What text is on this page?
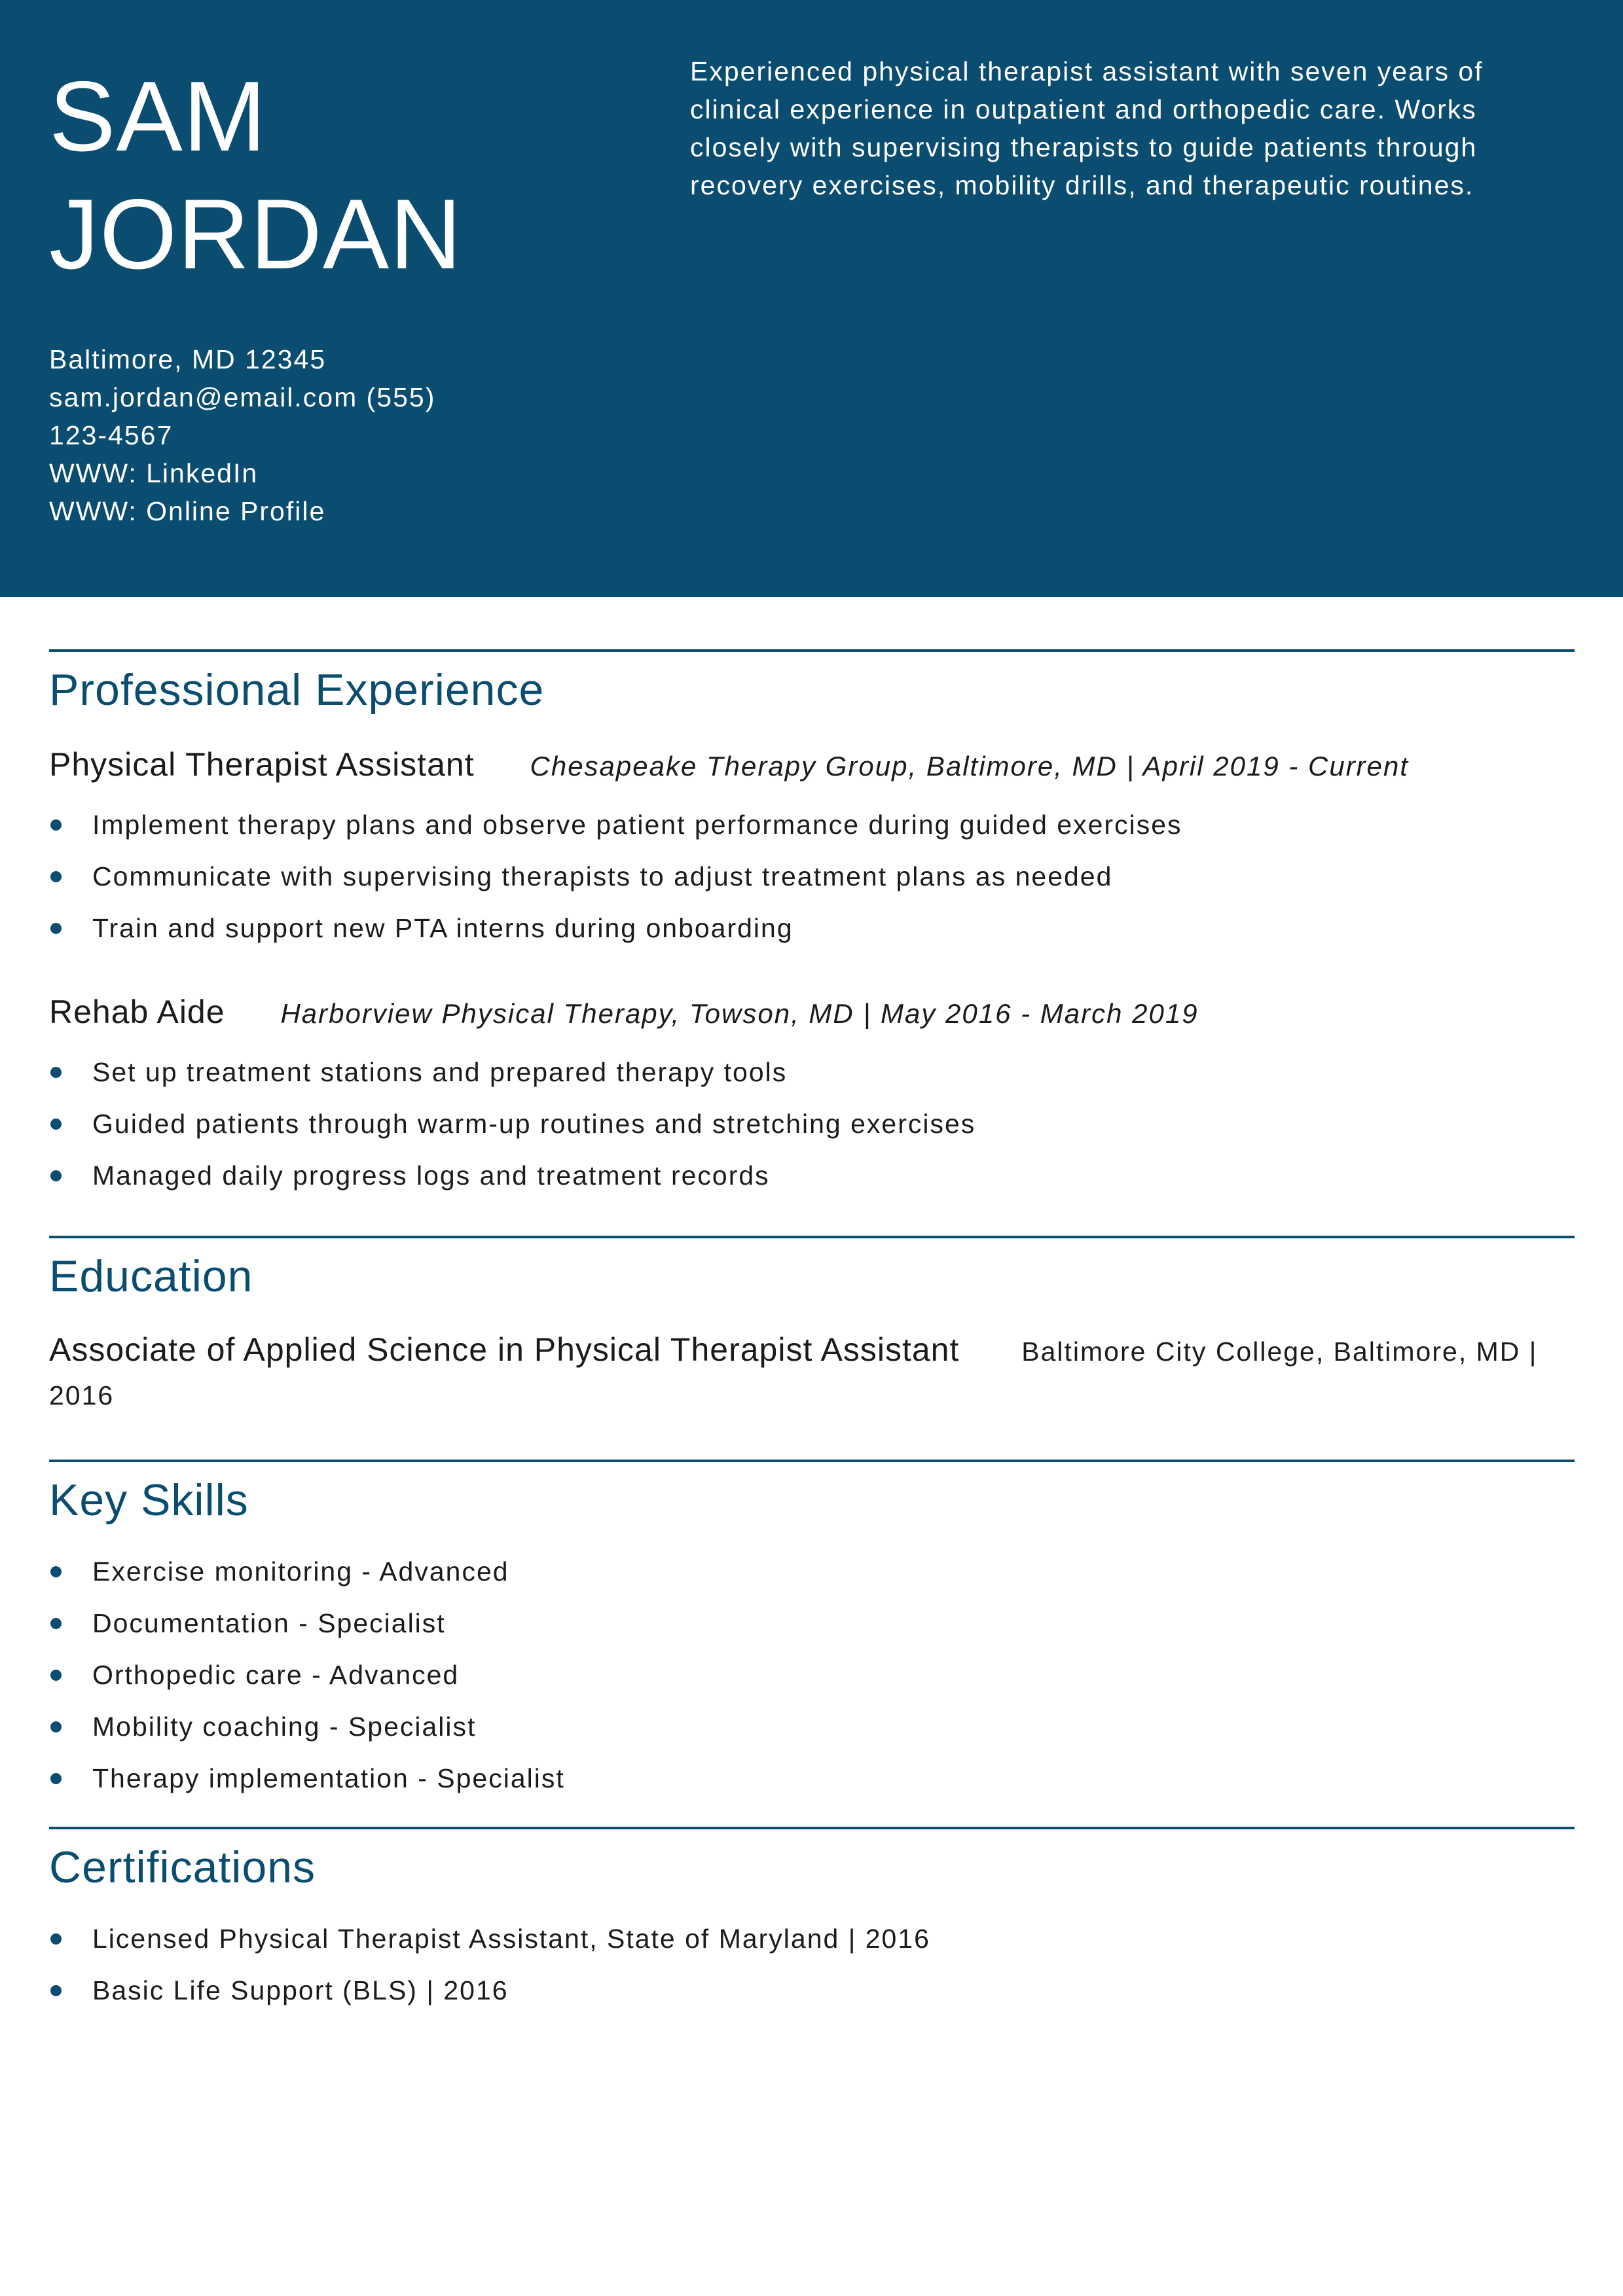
SAM
JORDAN
Baltimore, MD 12345
sam.jordan@email.com (555) 123-4567
WWW: LinkedIn
WWW: Online Profile
Experienced physical therapist assistant with seven years of clinical experience in outpatient and orthopedic care. Works closely with supervising therapists to guide patients through recovery exercises, mobility drills, and therapeutic routines.
Professional Experience
Physical Therapist Assistant Chesapeake Therapy Group, Baltimore, MD | April 2019 - Current
Implement therapy plans and observe patient performance during guided exercises
Communicate with supervising therapists to adjust treatment plans as needed
Train and support new PTA interns during onboarding
Rehab Aide Harborview Physical Therapy, Towson, MD | May 2016 - March 2019
Set up treatment stations and prepared therapy tools
Guided patients through warm-up routines and stretching exercises
Managed daily progress logs and treatment records
Education
Associate of Applied Science in Physical Therapist Assistant Baltimore City College, Baltimore, MD | 2016
Key Skills
Exercise monitoring - Advanced
Documentation - Specialist
Orthopedic care - Advanced
Mobility coaching - Specialist
Therapy implementation - Specialist
Certifications
Licensed Physical Therapist Assistant, State of Maryland | 2016
Basic Life Support (BLS) | 2016
